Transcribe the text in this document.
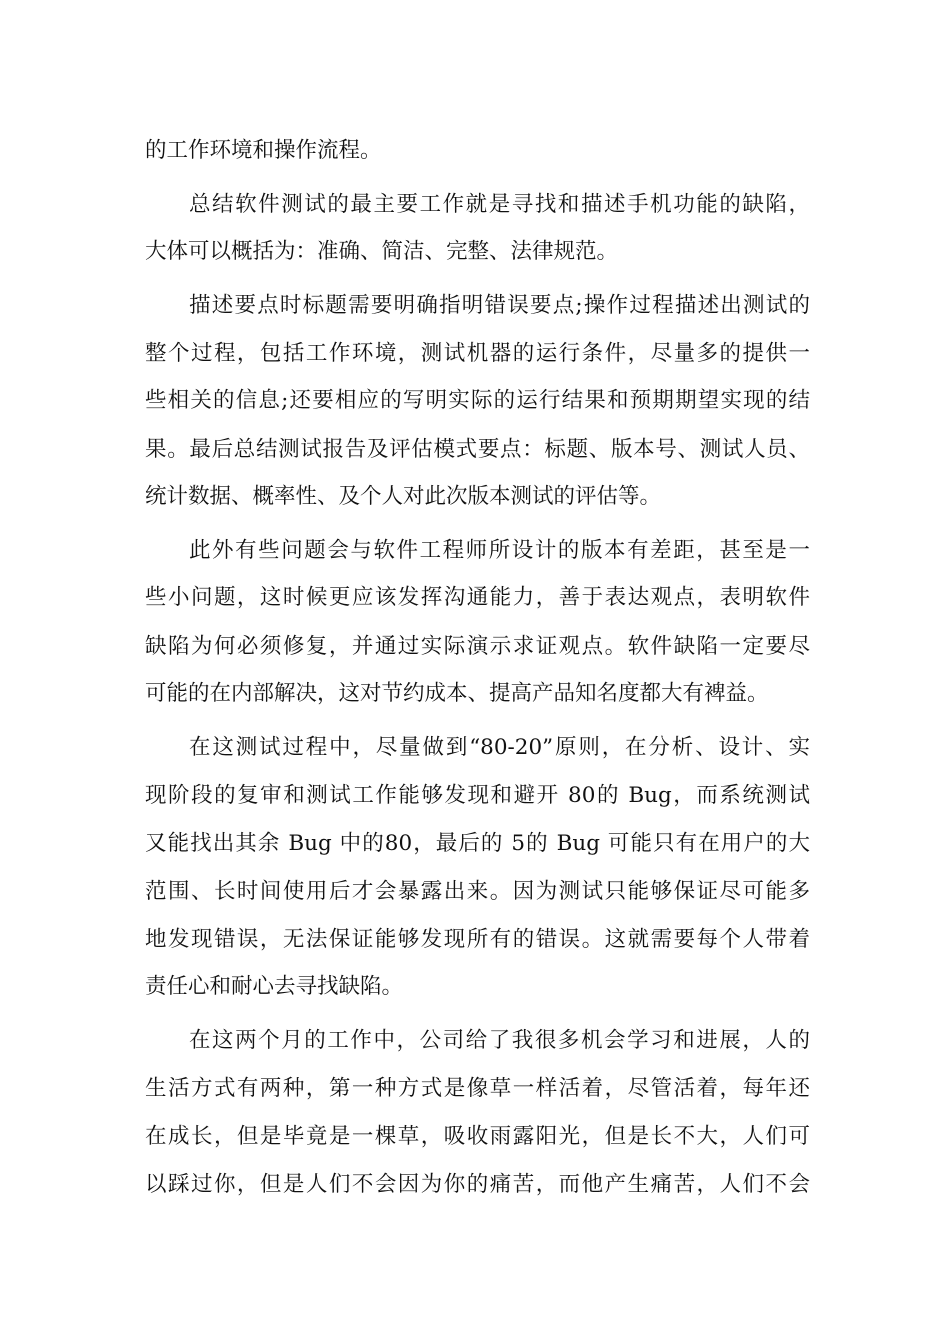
的工作环境和操作流程。
总结软件测试的最主要工作就是寻找和描述手机功能的缺陷，
大体可以概括为：准确、简洁、完整、法律规范。
描述要点时标题需要明确指明错误要点;操作过程描述出测试的
整个过程，包括工作环境，测试机器的运行条件，尽量多的提供一
些相关的信息;还要相应的写明实际的运行结果和预期期望实现的结
果。最后总结测试报告及评估模式要点：标题、版本号、测试人员、
统计数据、概率性、及个人对此次版本测试的评估等。
此外有些问题会与软件工程师所设计的版本有差距，甚至是一
些小问题，这时候更应该发挥沟通能力，善于表达观点，表明软件
缺陷为何必须修复，并通过实际演示求证观点。软件缺陷一定要尽
可能的在内部解决，这对节约成本、提高产品知名度都大有裨益。
在这测试过程中，尽量做到“80-20”原则，在分析、设计、实
现阶段的复审和测试工作能够发现和避开 80的 Bug，而系统测试
又能找出其余 Bug 中的80，最后的 5的 Bug 可能只有在用户的大
范围、长时间使用后才会暴露出来。因为测试只能够保证尽可能多
地发现错误，无法保证能够发现所有的错误。这就需要每个人带着
责任心和耐心去寻找缺陷。
在这两个月的工作中，公司给了我很多机会学习和进展，人的
生活方式有两种，第一种方式是像草一样活着，尽管活着，每年还
在成长，但是毕竟是一棵草，吸收雨露阳光，但是长不大，人们可
以踩过你，但是人们不会因为你的痛苦，而他产生痛苦，人们不会
